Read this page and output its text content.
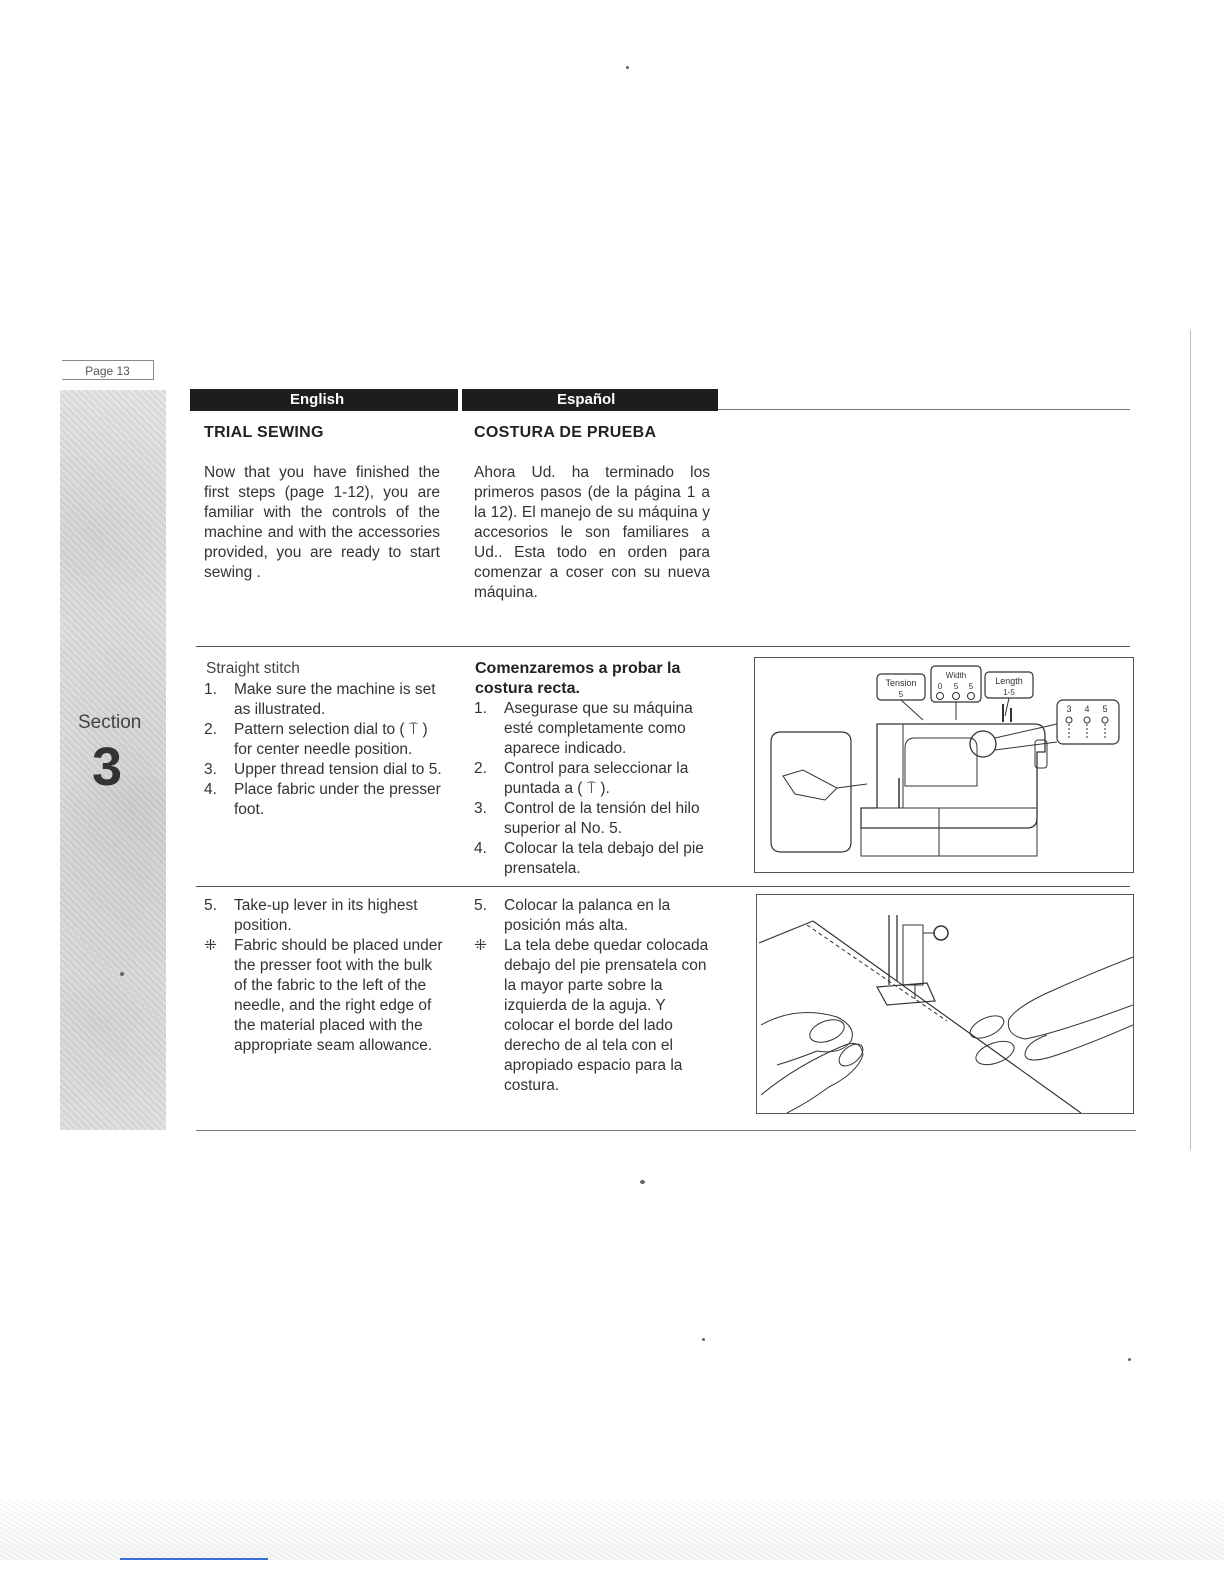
Page 13
Section
3
English	Español
TRIAL SEWING	COSTURA DE PRUEBA
Now that you have finished the first steps (page 1-12), you are familiar with the controls of the machine and with the accessories provided, you are ready to start sewing .
Ahora Ud. ha terminado los primeros pasos (de la página 1 a la 12). El manejo de su máquina y accesorios le son familiares a Ud.. Esta todo en orden para comenzar a coser con su nueva máquina.
Straight stitch
1.	Make sure the machine is set as illustrated.
2.	Pattern selection dial to ( ⍑ ) for center needle position.
3.	Upper thread tension dial to 5.
4.	Place fabric under the presser foot.
Comenzaremos a probar la costura recta.
1.	Asegurase que su máquina esté completamente como aparece indicado.
2.	Control para seleccionar la puntada a ( ⍑ ).
3.	Control de la tensión del hilo superior al No. 5.
4.	Colocar la tela debajo del pie prensatela.
Tension
5
Width
0 5 5
Length
1-5
3 4 5
5.	Take-up lever in its highest position.
⁜	Fabric should be placed under the presser foot with the bulk of the fabric to the left of the needle, and the right edge of the material placed with the appropriate seam allowance.
5.	Colocar la palanca en la posición más alta.
⁜	La tela debe quedar colocada debajo del pie prensatela con la mayor parte sobre la izquierda de la aguja. Y colocar el borde del lado derecho de al tela con el apropiado espacio para la costura.
